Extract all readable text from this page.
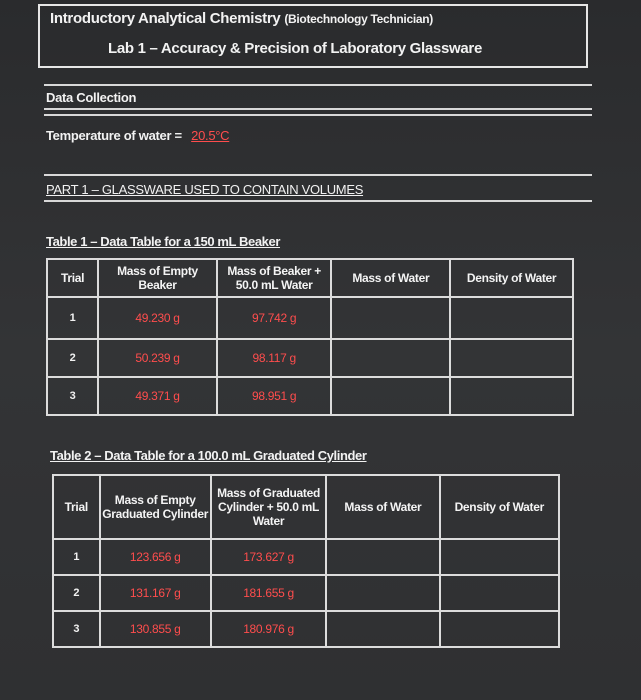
Introductory Analytical Chemistry (Biotechnology Technician)
Lab 1 – Accuracy & Precision of Laboratory Glassware
Data Collection
Temperature of water = 20.5°C
PART 1 – GLASSWARE USED TO CONTAIN VOLUMES
Table 1 – Data Table for a 150 mL Beaker
Trial	Mass of Empty Beaker	Mass of Beaker + 50.0 mL Water	Mass of Water	Density of Water
1	49.230 g	97.742 g		
2	50.239 g	98.117 g		
3	49.371 g	98.951 g		
Table 2 – Data Table for a 100.0 mL Graduated Cylinder
Trial	Mass of Empty Graduated Cylinder	Mass of Graduated Cylinder + 50.0 mL Water	Mass of Water	Density of Water
1	123.656 g	173.627 g		
2	131.167 g	181.655 g		
3	130.855 g	180.976 g		
